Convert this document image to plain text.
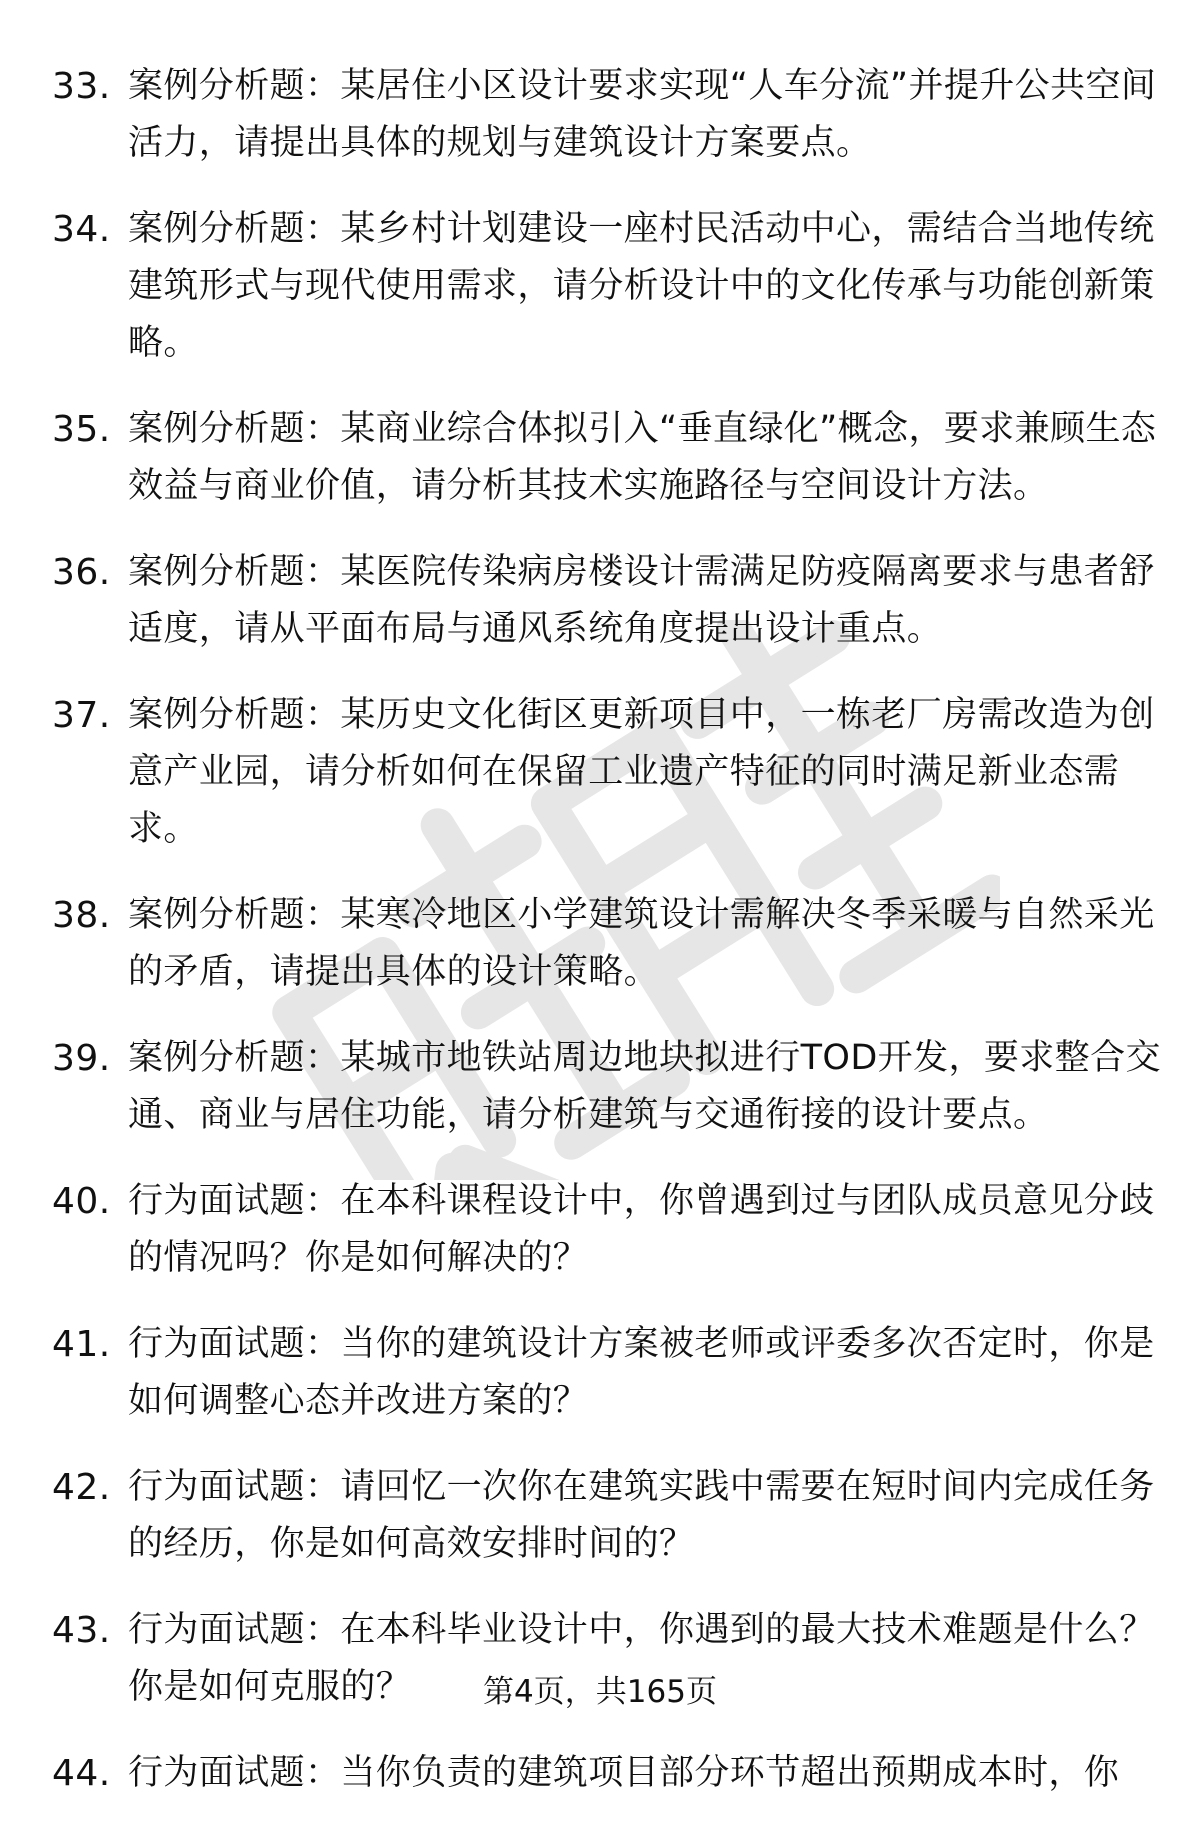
33. 案例分析题：某居住小区设计要求实现“人车分流”并提升公共空间活力，请提出具体的规划与建筑设计方案要点。
34. 案例分析题：某乡村计划建设一座村民活动中心，需结合当地传统建筑形式与现代使用需求，请分析设计中的文化传承与功能创新策略。
35. 案例分析题：某商业综合体拟引入“垂直绿化”概念，要求兼顾生态效益与商业价值，请分析其技术实施路径与空间设计方法。
36. 案例分析题：某医院传染病房楼设计需满足防疫隔离要求与患者舒适度，请从平面布局与通风系统角度提出设计重点。
37. 案例分析题：某历史文化街区更新项目中，一栋老厂房需改造为创意产业园，请分析如何在保留工业遗产特征的同时满足新业态需求。
38. 案例分析题：某寒冷地区小学建筑设计需解决冬季采暖与自然采光的矛盾，请提出具体的设计策略。
39. 案例分析题：某城市地铁站周边地块拟进行TOD开发，要求整合交通、商业与居住功能，请分析建筑与交通衔接的设计要点。
40. 行为面试题：在本科课程设计中，你曾遇到过与团队成员意见分歧的情况吗？你是如何解决的？
41. 行为面试题：当你的建筑设计方案被老师或评委多次否定时，你是如何调整心态并改进方案的？
42. 行为面试题：请回忆一次你在建筑实践中需要在短时间内完成任务的经历，你是如何高效安排时间的？
43. 行为面试题：在本科毕业设计中，你遇到的最大技术难题是什么？你是如何克服的？
44. 行为面试题：当你负责的建筑项目部分环节超出预期成本时，你
第4页，共165页
